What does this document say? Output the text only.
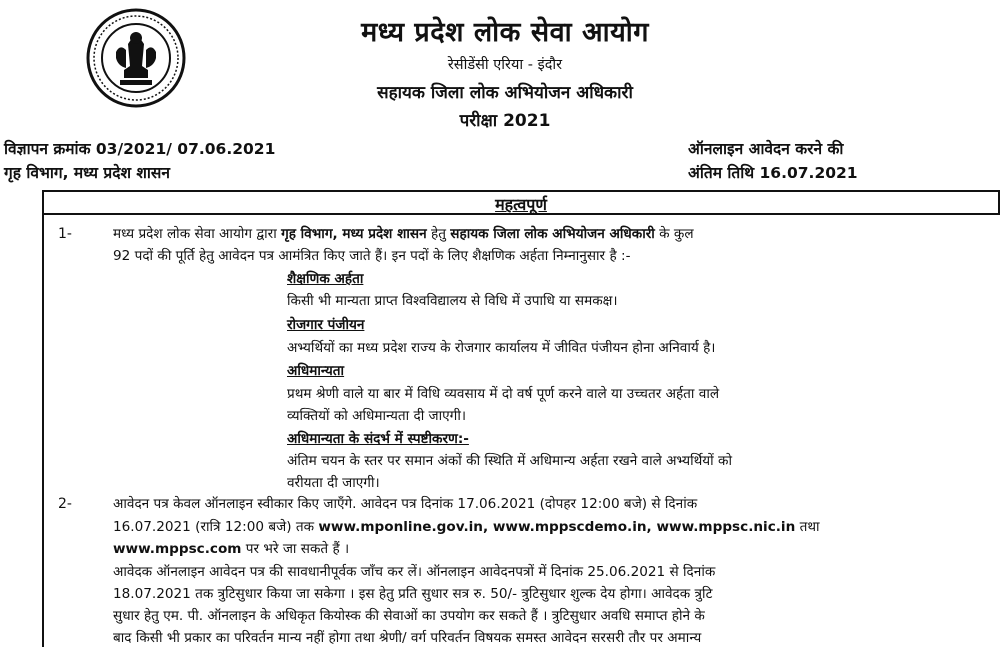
मध्य प्रदेश लोक सेवा आयोग
रेसीडेंसी एरिया - इंदौर
सहायक जिला लोक अभियोजन अधिकारी
परीक्षा 2021
विज्ञापन क्रमांक 03/2021/ 07.06.2021
गृह विभाग, मध्य प्रदेश शासन
ऑनलाइन आवेदन करने की
अंतिम तिथि 16.07.2021
महत्वपूर्ण
1-	मध्य प्रदेश लोक सेवा आयोग द्वारा गृह विभाग, मध्य प्रदेश शासन हेतु सहायक जिला लोक अभियोजन अधिकारी के कुल
92 पदों की पूर्ति हेतु आवेदन पत्र आमंत्रित किए जाते हैं। इन पदों के लिए शैक्षणिक अर्हता निम्नानुसार है :-
शैक्षणिक अर्हता
किसी भी मान्यता प्राप्त विश्वविद्यालय से विधि में उपाधि या समकक्ष।
रोजगार पंजीयन
अभ्यर्थियों का मध्य प्रदेश राज्य के रोजगार कार्यालय में जीवित पंजीयन होना अनिवार्य है।
अधिमान्यता
प्रथम श्रेणी वाले या बार में विधि व्यवसाय में दो वर्ष पूर्ण करने वाले या उच्चतर अर्हता वाले
व्यक्तियों को अधिमान्यता दी जाएगी।
अधिमान्यता के संदर्भ में स्पष्टीकरण:-
अंतिम चयन के स्तर पर समान अंकों की स्थिति में अधिमान्य अर्हता रखने वाले अभ्यर्थियों को
वरीयता दी जाएगी।
2-	आवेदन पत्र केवल ऑनलाइन स्वीकार किए जाएँगे. आवेदन पत्र दिनांक 17.06.2021 (दोपहर 12:00 बजे) से दिनांक
16.07.2021 (रात्रि 12:00 बजे) तक www.mponline.gov.in, www.mppscdemo.in, www.mppsc.nic.in तथा
www.mppsc.com पर भरे जा सकते हैं ।
आवेदक ऑनलाइन आवेदन पत्र की सावधानीपूर्वक जाँच कर लें। ऑनलाइन आवेदनपत्रों में दिनांक 25.06.2021 से दिनांक
18.07.2021 तक त्रुटिसुधार किया जा सकेगा । इस हेतु प्रति सुधार सत्र रु. 50/- त्रुटिसुधार शुल्क देय होगा। आवेदक त्रुटि
सुधार हेतु एम. पी. ऑनलाइन के अधिकृत कियोस्क की सेवाओं का उपयोग कर सकते हैं । त्रुटिसुधार अवधि समाप्त होने के
बाद किसी भी प्रकार का परिवर्तन मान्य नहीं होगा तथा श्रेणी/ वर्ग परिवर्तन विषयक समस्त आवेदन सरसरी तौर पर अमान्य
